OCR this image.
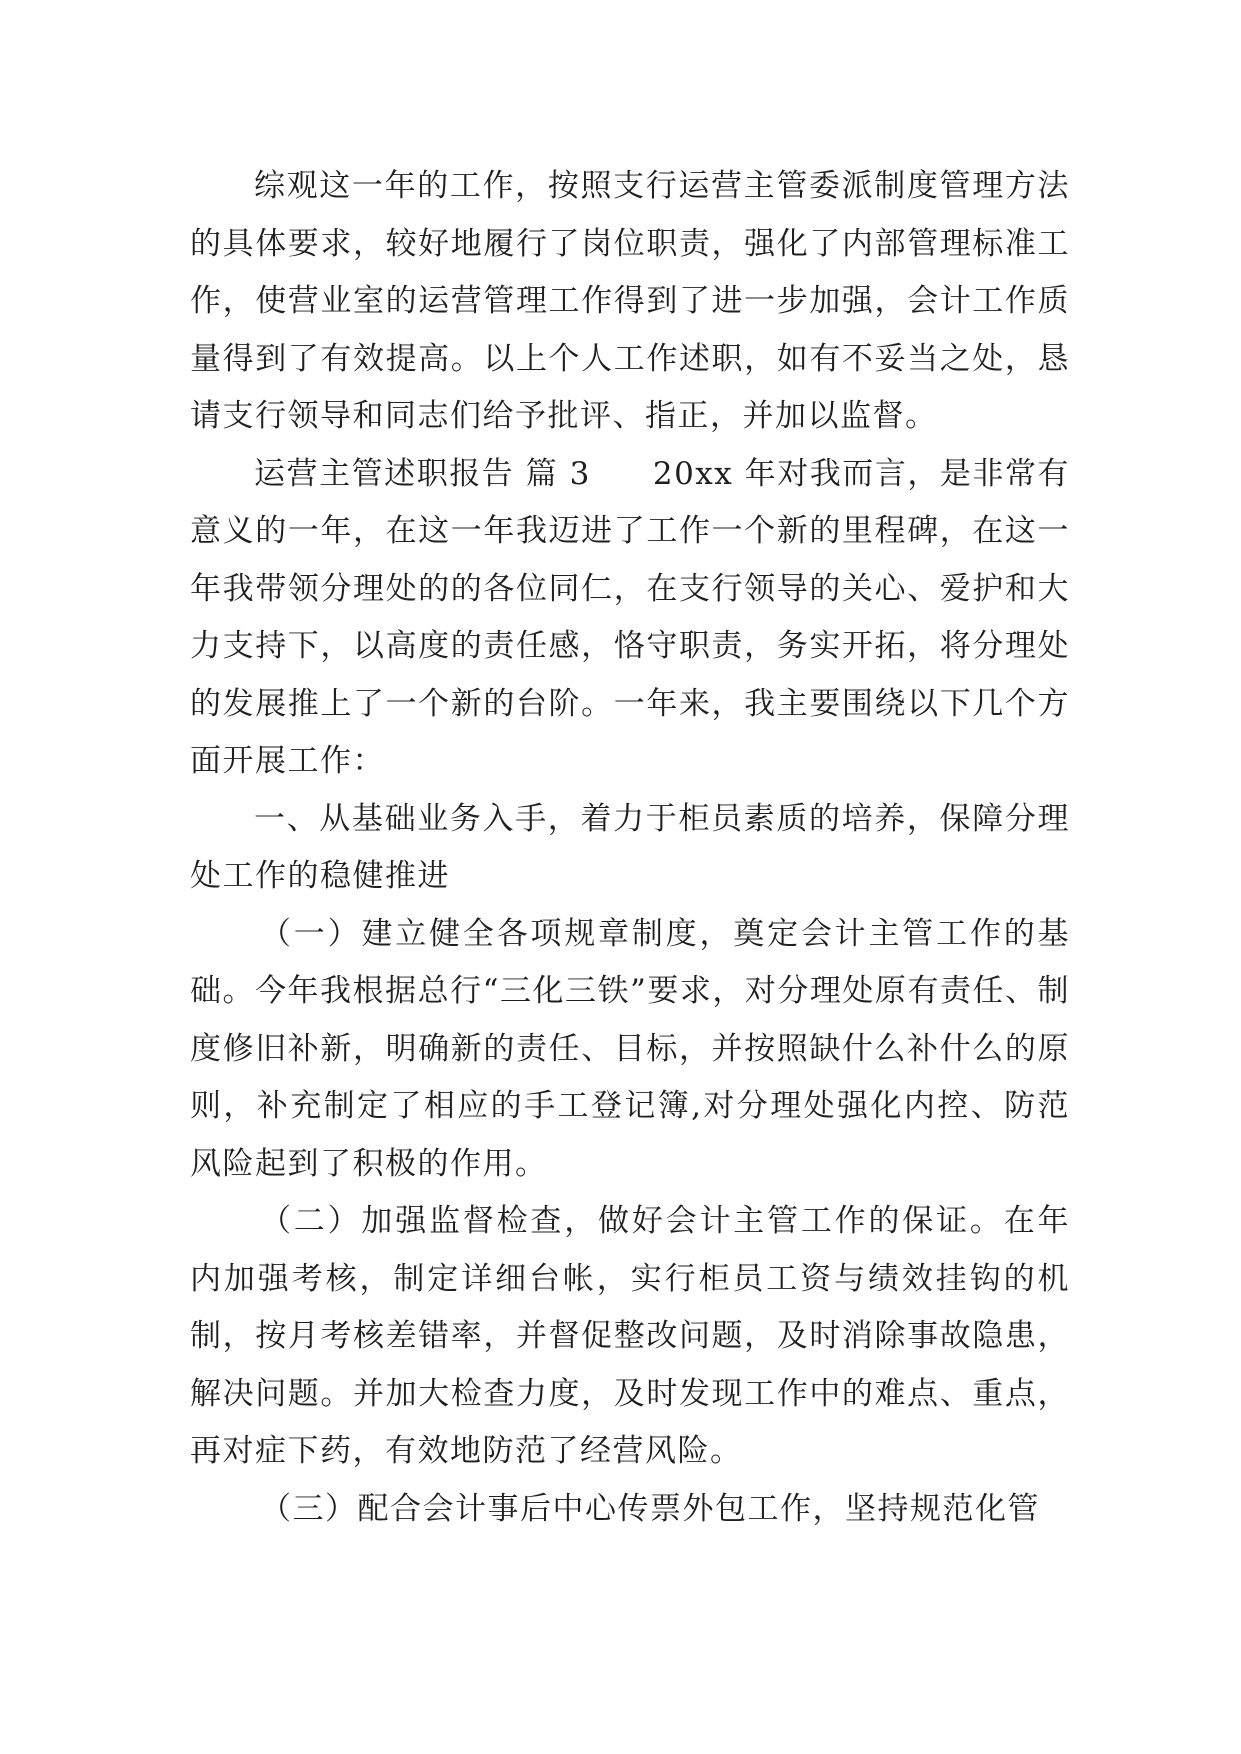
综观这一年的工作，按照支行运营主管委派制度管理方法的具体要求，较好地履行了岗位职责，强化了内部管理标准工作，使营业室的运营管理工作得到了进一步加强，会计工作质量得到了有效提高。以上个人工作述职，如有不妥当之处，恳请支行领导和同志们给予批评、指正，并加以监督。

运营主管述职报告 篇 3 20xx 年对我而言，是非常有意义的一年，在这一年我迈进了工作一个新的里程碑，在这一年我带领分理处的的各位同仁，在支行领导的关心、爱护和大力支持下，以高度的责任感，恪守职责，务实开拓，将分理处的发展推上了一个新的台阶。一年来，我主要围绕以下几个方面开展工作：

一、从基础业务入手，着力于柜员素质的培养，保障分理处工作的稳健推进

（一）建立健全各项规章制度，奠定会计主管工作的基础。今年我根据总行“三化三铁”要求，对分理处原有责任、制度修旧补新，明确新的责任、目标，并按照缺什么补什么的原则，补充制定了相应的手工登记簿,对分理处强化内控、防范风险起到了积极的作用。

（二）加强监督检查，做好会计主管工作的保证。在年内加强考核，制定详细台帐，实行柜员工资与绩效挂钩的机制，按月考核差错率，并督促整改问题，及时消除事故隐患，解决问题。并加大检查力度，及时发现工作中的难点、重点，再对症下药，有效地防范了经营风险。

（三）配合会计事后中心传票外包工作，坚持规范化管
